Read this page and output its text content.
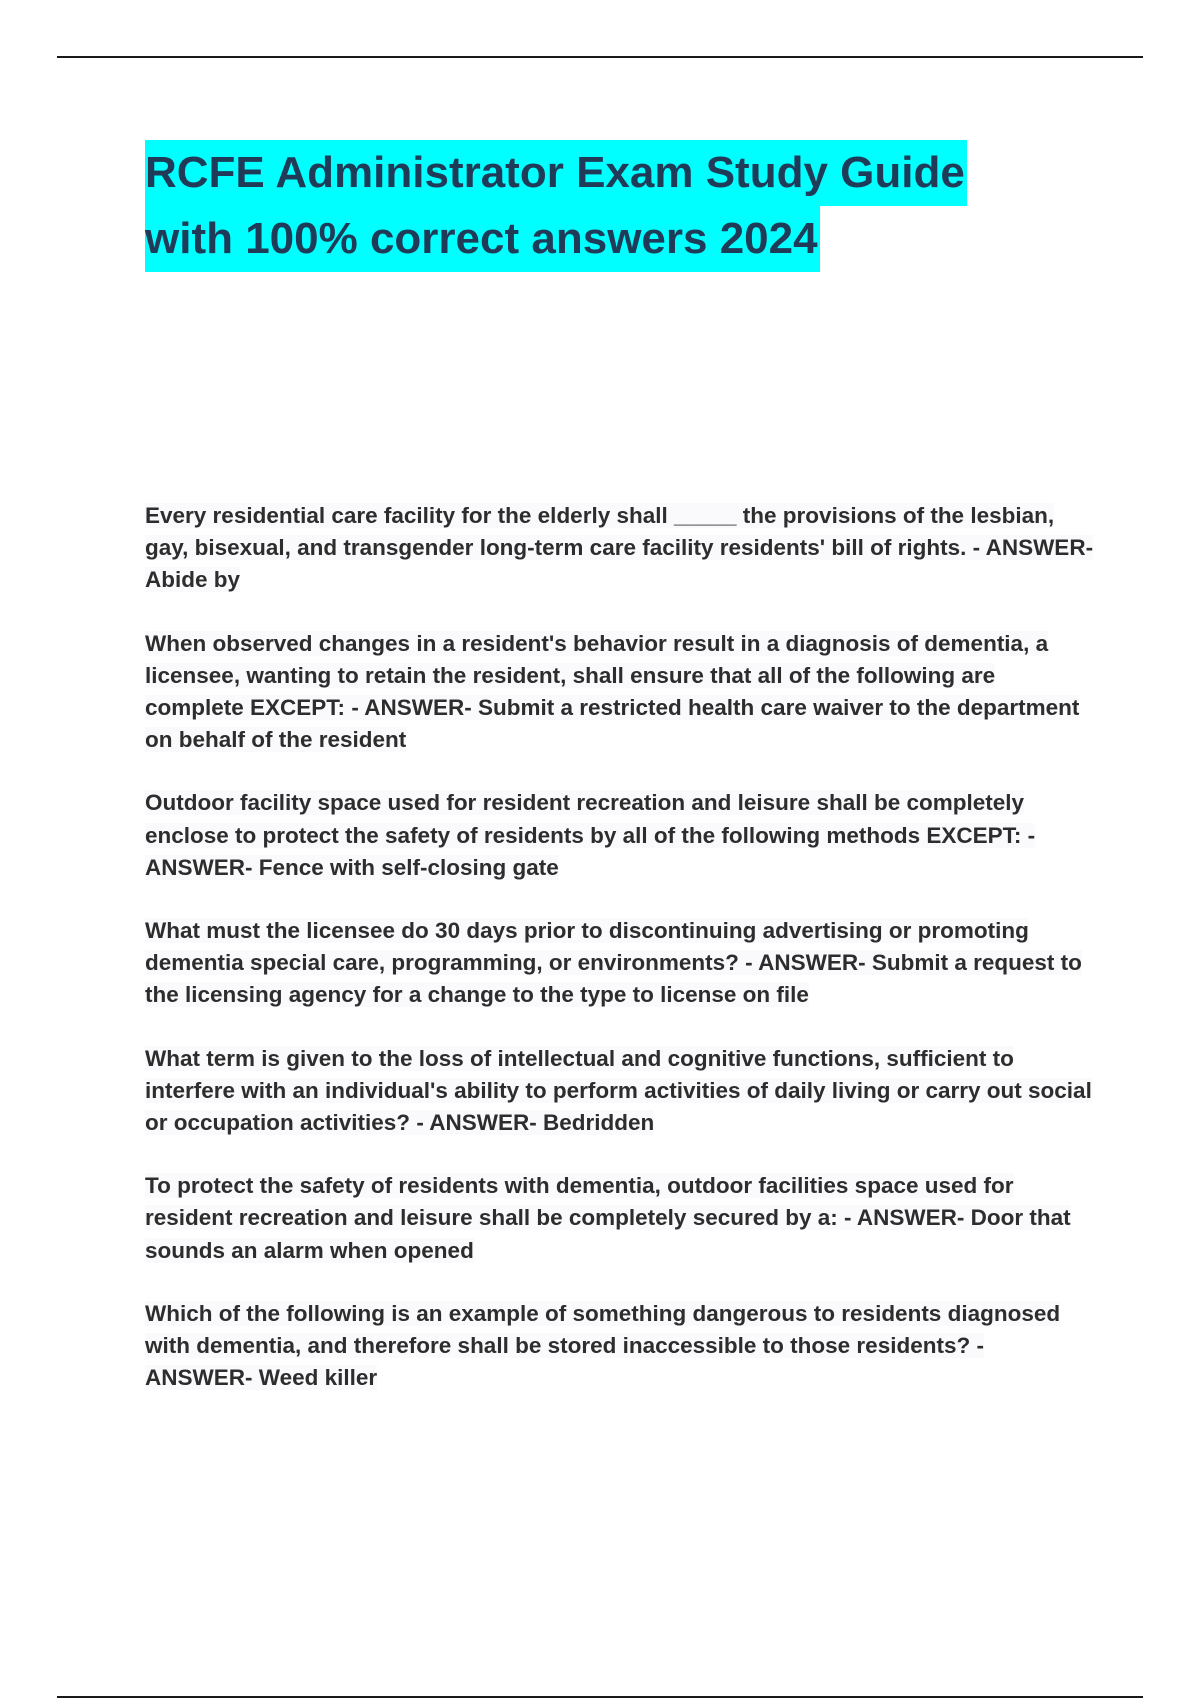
RCFE Administrator Exam Study Guide
with 100% correct answers 2024

Every residential care facility for the elderly shall _____ the provisions of the lesbian, gay, bisexual, and transgender long-term care facility residents' bill of rights. - ANSWER- Abide by

When observed changes in a resident's behavior result in a diagnosis of dementia, a licensee, wanting to retain the resident, shall ensure that all of the following are complete EXCEPT: - ANSWER- Submit a restricted health care waiver to the department on behalf of the resident

Outdoor facility space used for resident recreation and leisure shall be completely enclose to protect the safety of residents by all of the following methods EXCEPT: - ANSWER- Fence with self-closing gate

What must the licensee do 30 days prior to discontinuing advertising or promoting dementia special care, programming, or environments? - ANSWER- Submit a request to the licensing agency for a change to the type to license on file

What term is given to the loss of intellectual and cognitive functions, sufficient to interfere with an individual's ability to perform activities of daily living or carry out social or occupation activities? - ANSWER- Bedridden

To protect the safety of residents with dementia, outdoor facilities space used for resident recreation and leisure shall be completely secured by a: - ANSWER- Door that sounds an alarm when opened

Which of the following is an example of something dangerous to residents diagnosed with dementia, and therefore shall be stored inaccessible to those residents? - ANSWER- Weed killer
